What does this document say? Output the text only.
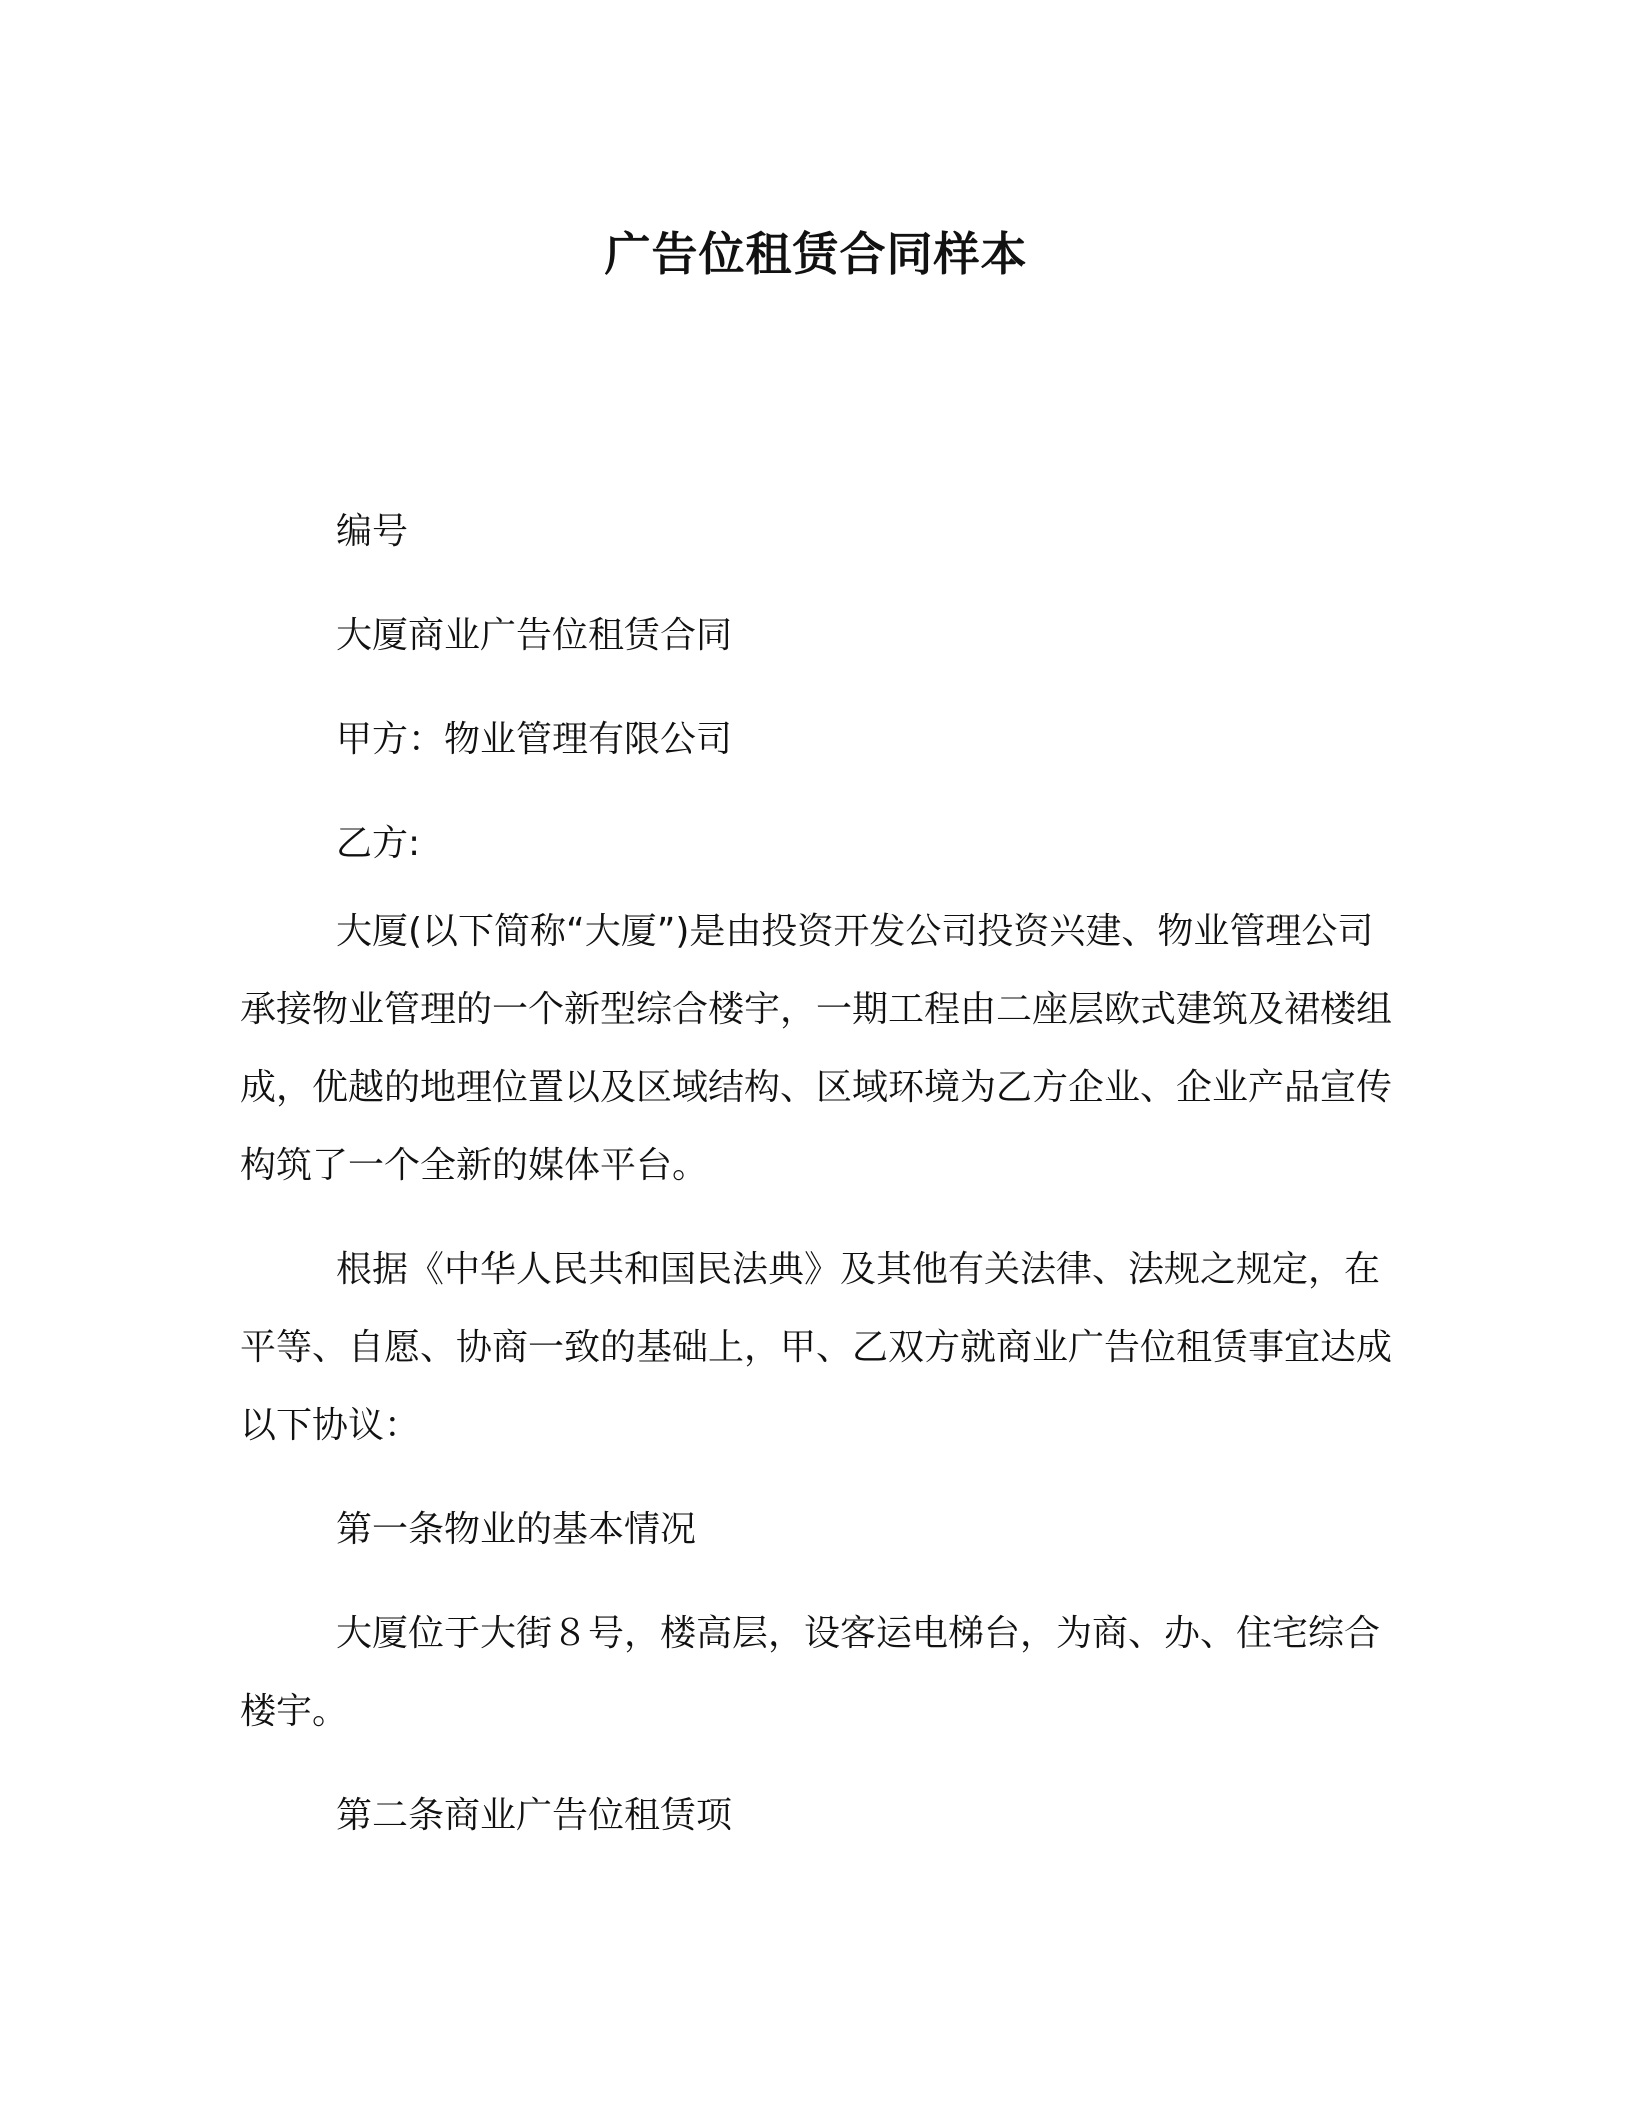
广告位租赁合同样本

编号

大厦商业广告位租赁合同

甲方：物业管理有限公司

乙方:

大厦(以下简称“大厦”)是由投资开发公司投资兴建、物业管理公司承接物业管理的一个新型综合楼宇，一期工程由二座层欧式建筑及裙楼组成，优越的地理位置以及区域结构、区域环境为乙方企业、企业产品宣传构筑了一个全新的媒体平台。

根据《中华人民共和国民法典》及其他有关法律、法规之规定，在平等、自愿、协商一致的基础上，甲、乙双方就商业广告位租赁事宜达成以下协议：

第一条物业的基本情况

大厦位于大街８号，楼高层，设客运电梯台，为商、办、住宅综合楼宇。

第二条商业广告位租赁项
